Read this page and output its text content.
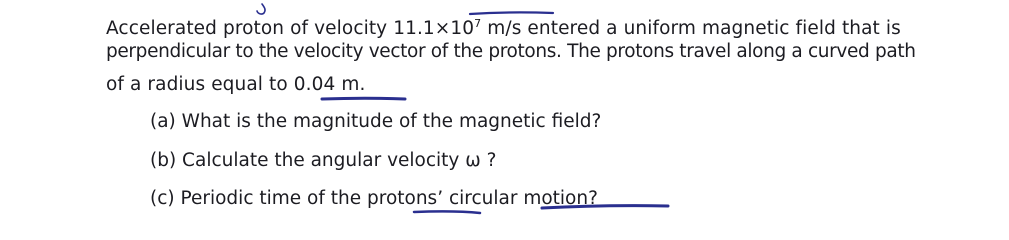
Accelerated proton of velocity $11.1\times 10^7$ m/s entered a uniform magnetic field that is
perpendicular to the velocity vector of the protons. The protons travel along a curved path
of a radius equal to 0.04 m.
(a) What is the magnitude of the magnetic field?
(b) Calculate the angular velocity ω ?
(c) Periodic time of the protons’ circular motion?
